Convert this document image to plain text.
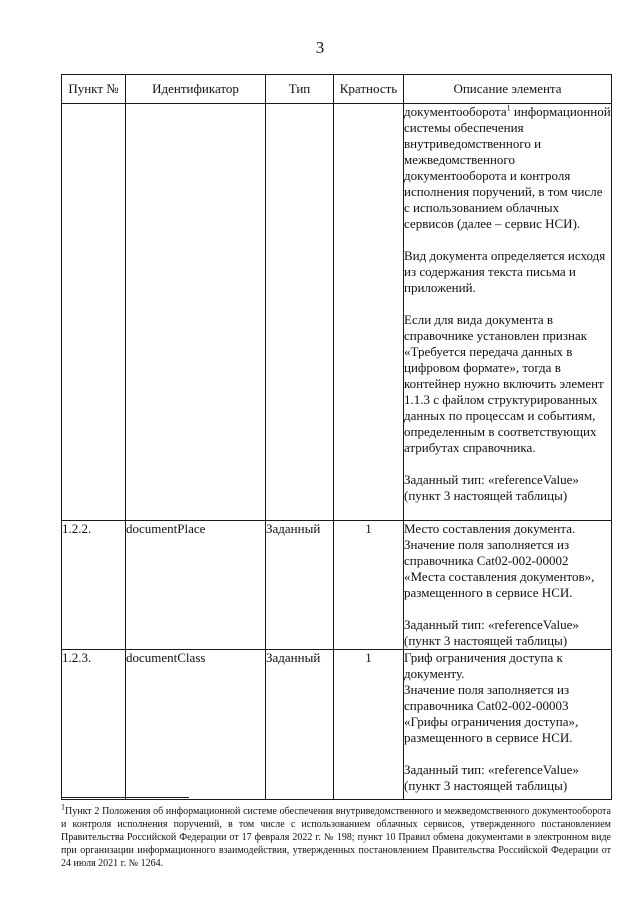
3
Пункт №	Идентификатор	Тип	Кратность	Описание элемента

				документооборота$^1$ информационной системы обеспечения внутриведомственного и межведомственного документооборота и контроля исполнения поручений, в том числе с использованием облачных сервисов (далее – сервис НСИ).
Вид документа определяется исходя из содержания текста письма и приложений.
Если для вида документа в справочнике установлен признак «Требуется передача данных в цифровом формате», тогда в контейнер нужно включить элемент 1.1.3 с файлом структурированных данных по процессам и событиям, определенным в соответствующих атрибутах справочника.
Заданный тип: «referenceValue» (пункт 3 настоящей таблицы)

1.2.2.	documentPlace	Заданный	1	Место составления документа. Значение поля заполняется из справочника Cat02-002-00002 «Места составления документов», размещенного в сервисе НСИ.
Заданный тип: «referenceValue» (пункт 3 настоящей таблицы)

1.2.3.	documentClass	Заданный	1	Гриф ограничения доступа к документу.
Значение поля заполняется из справочника Cat02-002-00003 «Грифы ограничения доступа», размещенного в сервисе НСИ.
Заданный тип: «referenceValue» (пункт 3 настоящей таблицы)
$^1$Пункт 2 Положения об информационной системе обеспечения внутриведомственного и межведомственного документооборота и контроля исполнения поручений, в том числе с использованием облачных сервисов, утвержденного постановлением Правительства Российской Федерации от 17 февраля 2022 г. № 198; пункт 10 Правил обмена документами в электронном виде при организации информационного взаимодействия, утвержденных постановлением Правительства Российской Федерации от 24 июля 2021 г. № 1264.
